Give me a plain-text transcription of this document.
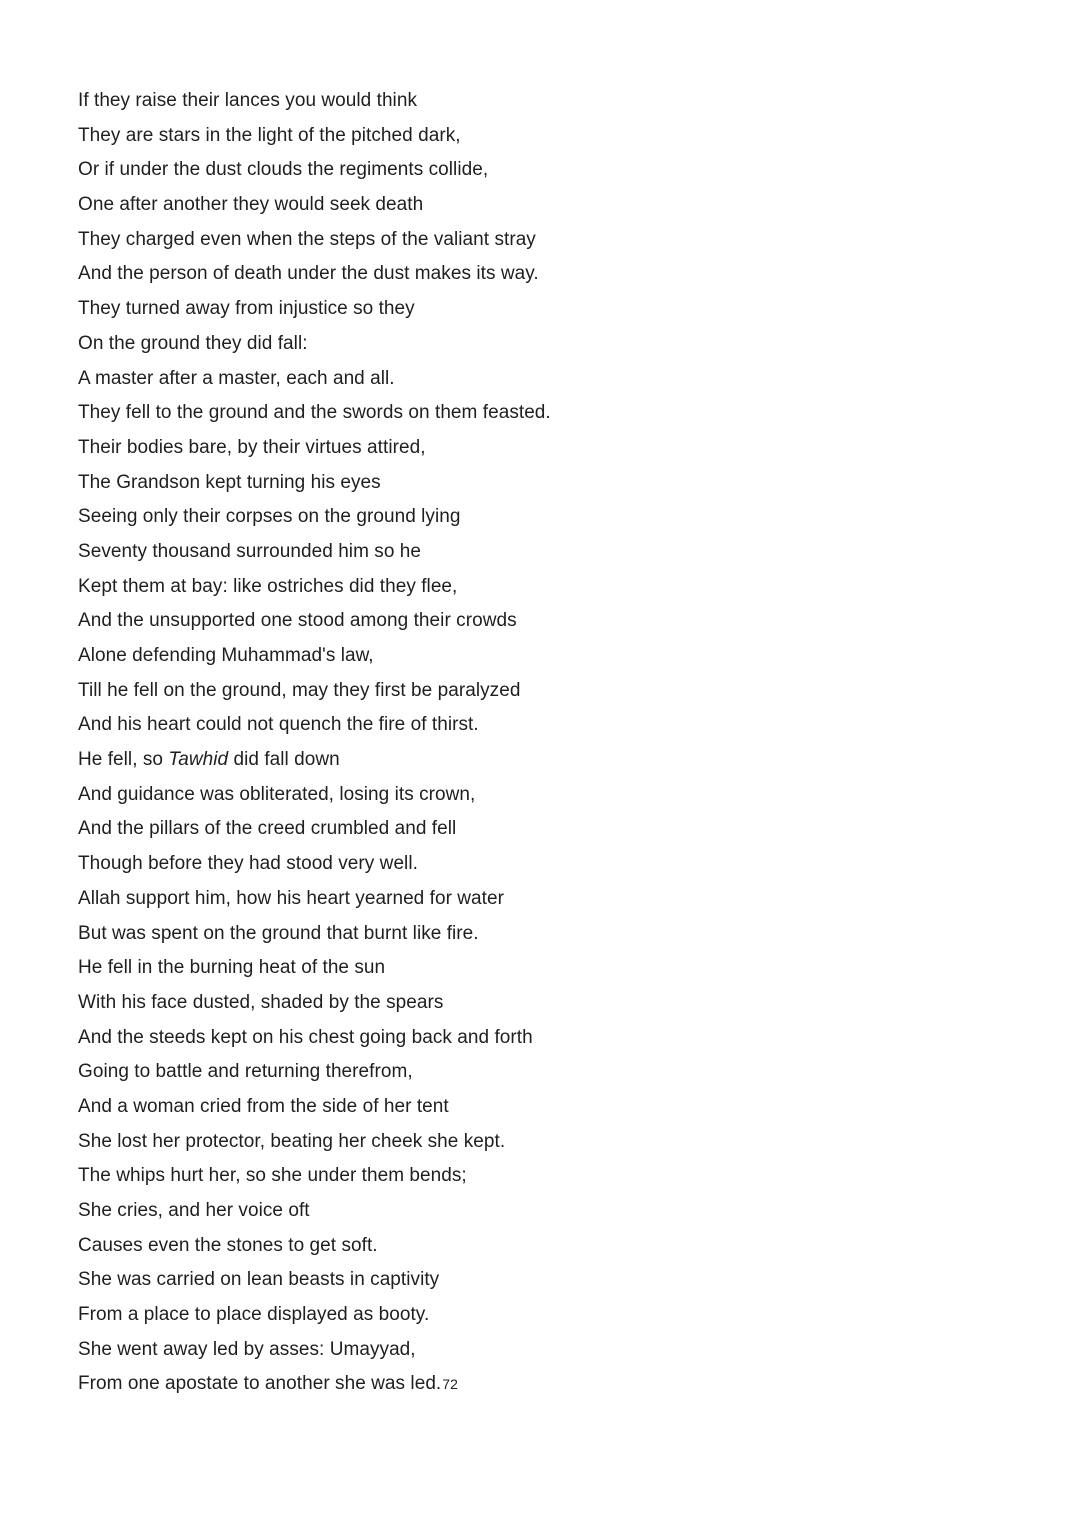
If they raise their lances you would think
They are stars in the light of the pitched dark,
Or if under the dust clouds the regiments collide,
One after another they would seek death
They charged even when the steps of the valiant stray
And the person of death under the dust makes its way.
They turned away from injustice so they
On the ground they did fall:
A master after a master, each and all.
They fell to the ground and the swords on them feasted.
Their bodies bare, by their virtues attired,
The Grandson kept turning his eyes
Seeing only their corpses on the ground lying
Seventy thousand surrounded him so he
Kept them at bay: like ostriches did they flee,
And the unsupported one stood among their crowds
Alone defending Muhammad's law,
Till he fell on the ground, may they first be paralyzed
And his heart could not quench the fire of thirst.
He fell, so Tawhid did fall down
And guidance was obliterated, losing its crown,
And the pillars of the creed crumbled and fell
Though before they had stood very well.
Allah support him, how his heart yearned for water
But was spent on the ground that burnt like fire.
He fell in the burning heat of the sun
With his face dusted, shaded by the spears
And the steeds kept on his chest going back and forth
Going to battle and returning therefrom,
And a woman cried from the side of her tent
She lost her protector, beating her cheek she kept.
The whips hurt her, so she under them bends;
She cries, and her voice oft
Causes even the stones to get soft.
She was carried on lean beasts in captivity
From a place to place displayed as booty.
She went away led by asses: Umayyad,
From one apostate to another she was led.72
